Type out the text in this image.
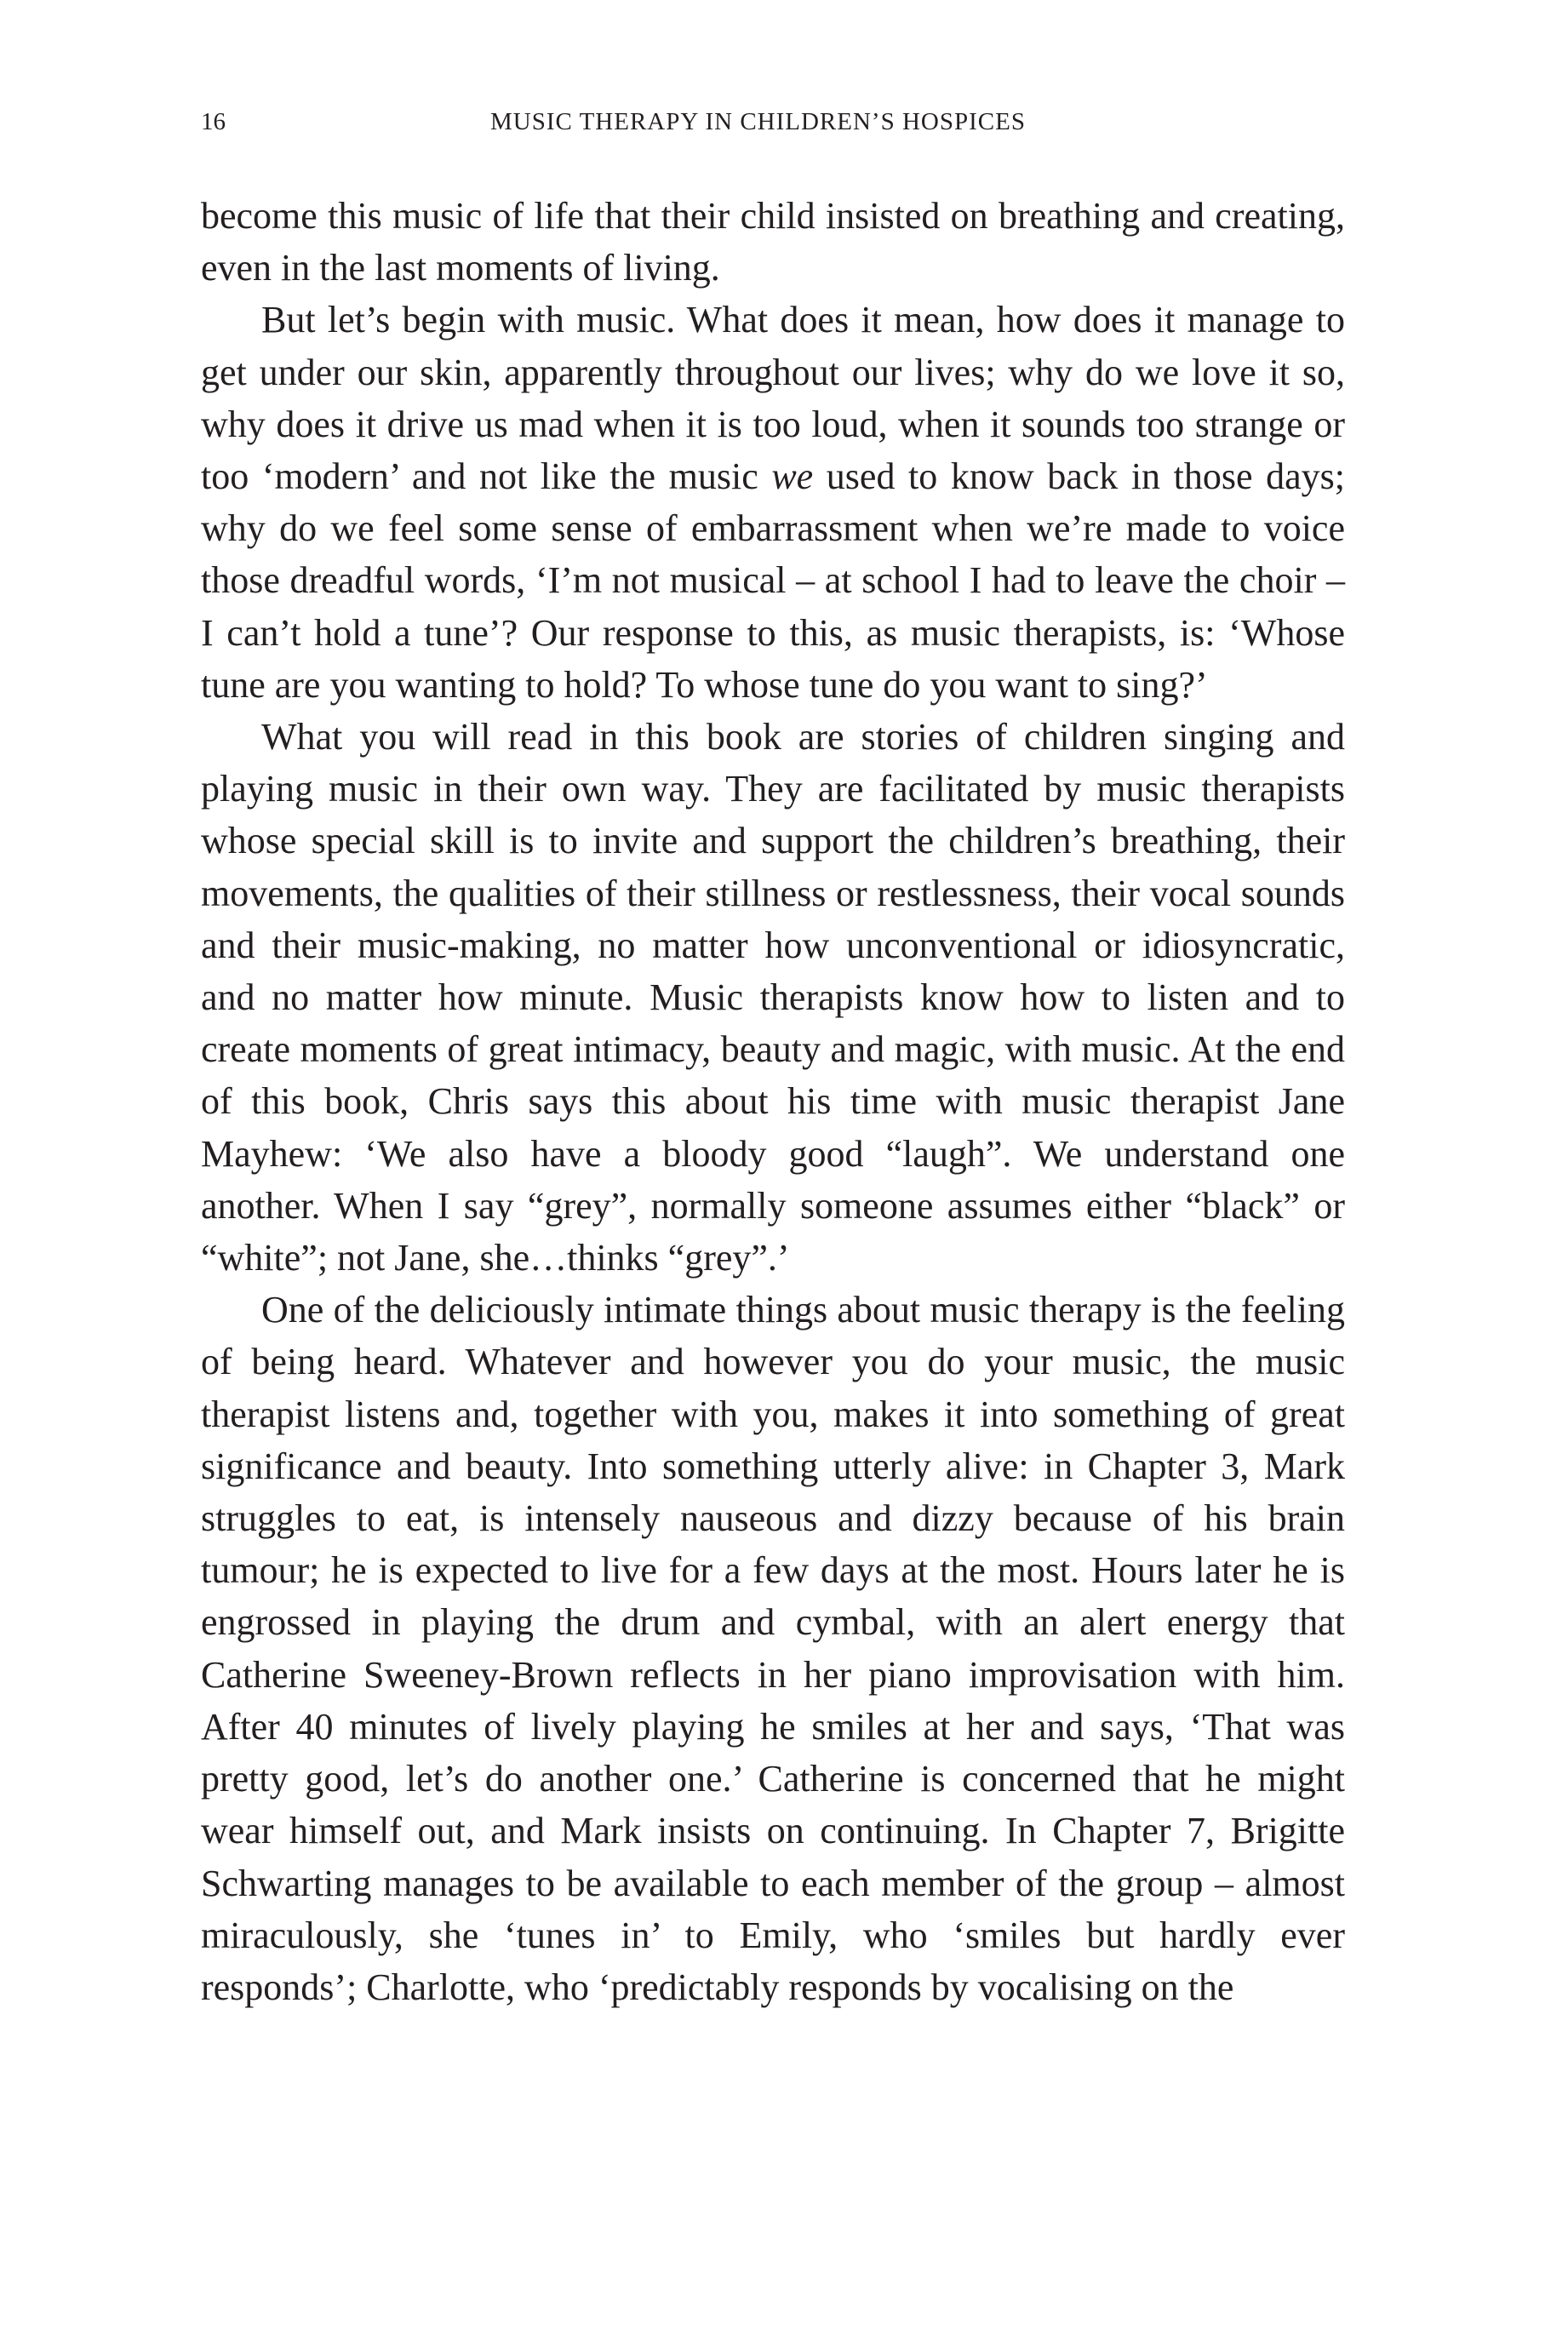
16	MUSIC THERAPY IN CHILDREN’S HOSPICES

become this music of life that their child insisted on breathing and creating, even in the last moments of living.

But let’s begin with music. What does it mean, how does it manage to get under our skin, apparently throughout our lives; why do we love it so, why does it drive us mad when it is too loud, when it sounds too strange or too ‘modern’ and not like the music we used to know back in those days; why do we feel some sense of embarrassment when we’re made to voice those dreadful words, ‘I’m not musical – at school I had to leave the choir – I can’t hold a tune’? Our response to this, as music therapists, is: ‘Whose tune are you wanting to hold? To whose tune do you want to sing?’

What you will read in this book are stories of children singing and playing music in their own way. They are facilitated by music therapists whose special skill is to invite and support the children’s breathing, their movements, the qualities of their stillness or restlessness, their vocal sounds and their music-making, no matter how unconventional or idiosyncratic, and no matter how minute. Music therapists know how to listen and to create moments of great intimacy, beauty and magic, with music. At the end of this book, Chris says this about his time with music therapist Jane Mayhew: ‘We also have a bloody good “laugh”. We understand one another. When I say “grey”, normally someone assumes either “black” or “white”; not Jane, she…thinks “grey”.’

One of the deliciously intimate things about music therapy is the feeling of being heard. Whatever and however you do your music, the music therapist listens and, together with you, makes it into something of great significance and beauty. Into something utterly alive: in Chapter 3, Mark struggles to eat, is intensely nauseous and dizzy because of his brain tumour; he is expected to live for a few days at the most. Hours later he is engrossed in playing the drum and cymbal, with an alert energy that Catherine Sweeney-Brown reflects in her piano improvisation with him. After 40 minutes of lively playing he smiles at her and says, ‘That was pretty good, let’s do another one.’ Catherine is concerned that he might wear himself out, and Mark insists on continuing. In Chapter 7, Brigitte Schwarting manages to be available to each member of the group – almost miraculously, she ‘tunes in’ to Emily, who ‘smiles but hardly ever responds’; Charlotte, who ‘predictably responds by vocalising on the
